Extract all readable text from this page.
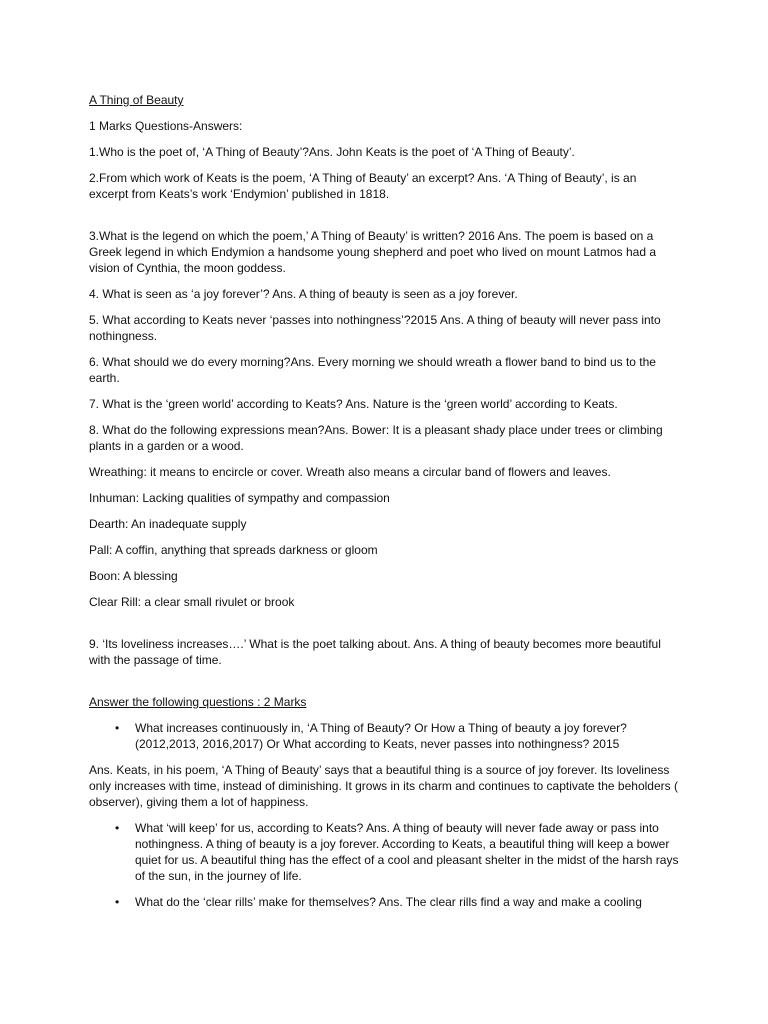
A Thing of Beauty

1 Marks Questions-Answers:

1.Who is the poet of, ‘A Thing of Beauty’?Ans. John Keats is the poet of ‘A Thing of Beauty’.

2.From which work of Keats is the poem, ‘A Thing of Beauty’ an excerpt? Ans. ‘A Thing of Beauty’, is an excerpt from Keats’s work ‘Endymion’ published in 1818.

3.What is the legend on which the poem,’ A Thing of Beauty’ is written? 2016 Ans. The poem is based on a Greek legend in which Endymion a handsome young shepherd and poet who lived on mount Latmos had a vision of Cynthia, the moon goddess.

4. What is seen as ‘a joy forever’? Ans. A thing of beauty is seen as a joy forever.

5. What according to Keats never ‘passes into nothingness’?2015 Ans. A thing of beauty will never pass into nothingness.

6. What should we do every morning?Ans. Every morning we should wreath a flower band to bind us to the earth.

7. What is the ‘green world’ according to Keats? Ans. Nature is the ‘green world’ according to Keats.

8. What do the following expressions mean?Ans. Bower: It is a pleasant shady place under trees or climbing plants in a garden or a wood.

Wreathing: it means to encircle or cover. Wreath also means a circular band of flowers and leaves.

Inhuman: Lacking qualities of sympathy and compassion

Dearth: An inadequate supply

Pall: A coffin, anything that spreads darkness or gloom

Boon: A blessing

Clear Rill: a clear small rivulet or brook

9. ‘Its loveliness increases….’ What is the poet talking about. Ans. A thing of beauty becomes more beautiful with the passage of time.

Answer the following questions : 2 Marks

• What increases continuously in, ‘A Thing of Beauty? Or How a Thing of beauty a joy forever? (2012,2013, 2016,2017) Or What according to Keats, never passes into nothingness? 2015

Ans. Keats, in his poem, ‘A Thing of Beauty’ says that a beautiful thing is a source of joy forever. Its loveliness only increases with time, instead of diminishing. It grows in its charm and continues to captivate the beholders ( observer), giving them a lot of happiness.

• What ‘will keep’ for us, according to Keats? Ans. A thing of beauty will never fade away or pass into nothingness. A thing of beauty is a joy forever. According to Keats, a beautiful thing will keep a bower quiet for us. A beautiful thing has the effect of a cool and pleasant shelter in the midst of the harsh rays of the sun, in the journey of life.
• What do the ‘clear rills’ make for themselves? Ans. The clear rills find a way and make a cooling
